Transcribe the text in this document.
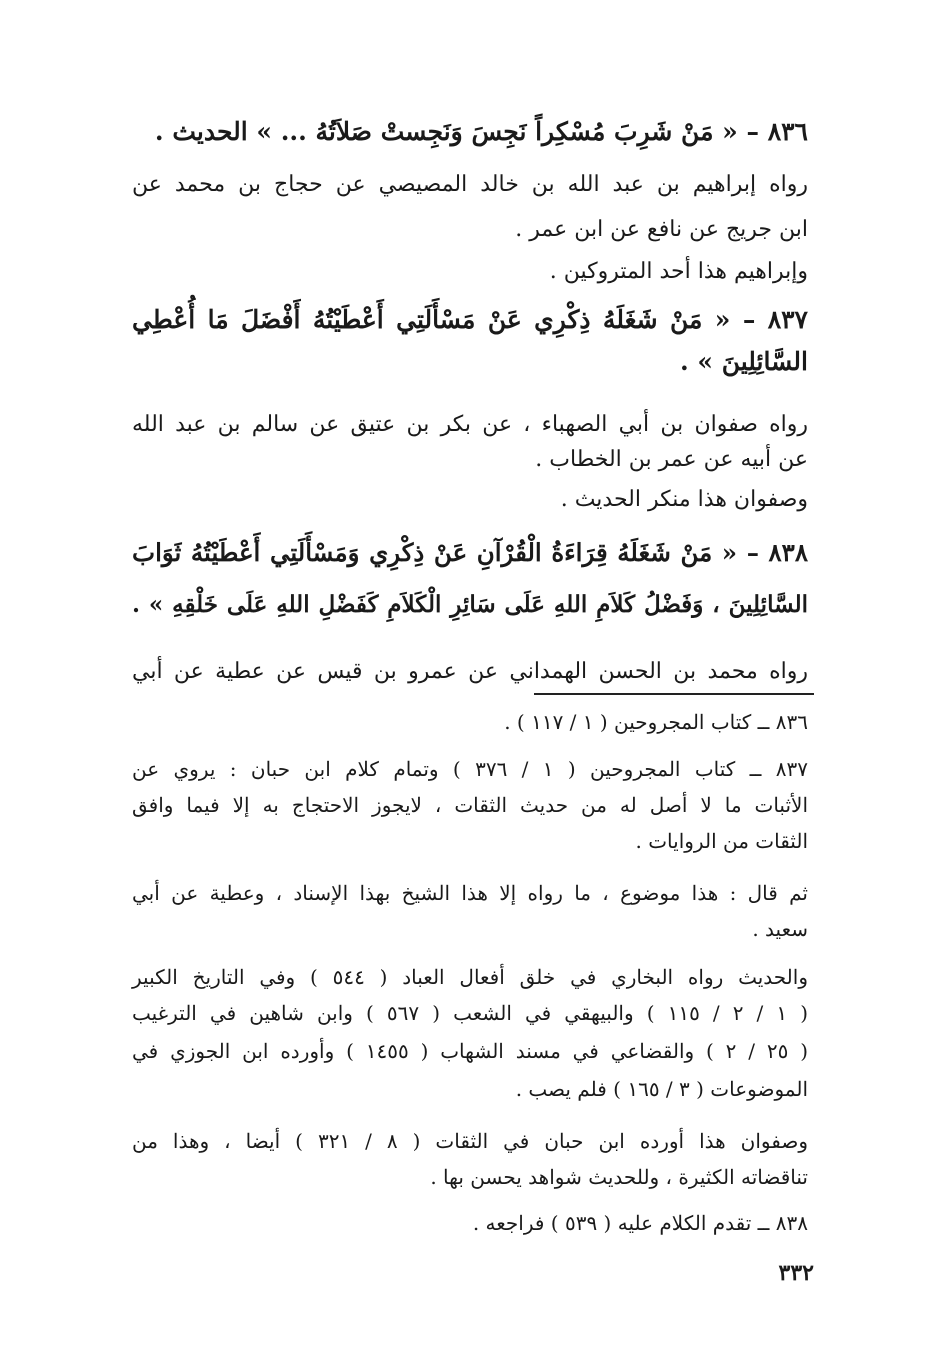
٨٣٦ – « مَنْ شَرِبَ مُسْكِراً نَجِسَ وَنَجِستْ صَلاَتُهُ ... » الحديث .
رواه إبراهيم بن عبد الله بن خالد المصيصي عن حجاج بن محمد عن
ابن جريج عن نافع عن ابن عمر .
وإبراهيم هذا أحد المتروكين .
٨٣٧ – « مَنْ شَغَلَهُ ذِكْرِي عَنْ مَسْأَلَتِي أَعْطَيْتُهُ أَفْضَلَ مَا أُعْطِي
السَّائِلِينَ » .
رواه صفوان بن أبي الصهباء ، عن بكر بن عتيق عن سالم بن عبد الله
عن أبيه عن عمر بن الخطاب .
وصفوان هذا منكر الحديث .
٨٣٨ – « مَنْ شَغَلَهُ قِرَاءَةُ الْقُرْآنِ عَنْ ذِكْرِي وَمَسْأَلَتِي أَعْطَيْتُهُ ثَوَابَ
السَّائِلِينَ ، وَفَضْلُ كَلاَمِ اللهِ عَلَى سَائِرِ الْكَلاَمِ كَفَضْلِ اللهِ عَلَى خَلْقِهِ » .
رواه محمد بن الحسن الهمداني عن عمرو بن قيس عن عطية عن أبي
٨٣٦ ــ كتاب المجروحين ( ١ / ١١٧ ) .
٨٣٧ ــ كتاب المجروحين ( ١ / ٣٧٦ ) وتمام كلام ابن حبان : يروي عن
الأثبات ما لا أصل له من حديث الثقات ، لايجوز الاحتجاج به إلا فيما وافق
الثقات من الروايات .
ثم قال : هذا موضوع ، ما رواه إلا هذا الشيخ بهذا الإسناد ، وعطية عن أبي
سعيد .
والحديث رواه البخاري في خلق أفعال العباد ( ٥٤٤ ) وفي التاريخ الكبير
( ١ / ٢ / ١١٥ ) والبيهقي في الشعب ( ٥٦٧ ) وابن شاهين في الترغيب
( ٢٥ / ٢ ) والقضاعي في مسند الشهاب ( ١٤٥٥ ) وأورده ابن الجوزي في
الموضوعات ( ٣ / ١٦٥ ) فلم يصب .
وصفوان هذا أورده ابن حبان في الثقات ( ٨ / ٣٢١ ) أيضا ، وهذا من
تناقضاته الكثيرة ، وللحديث شواهد يحسن بها .
٨٣٨ ــ تقدم الكلام عليه ( ٥٣٩ ) فراجعه .
٣٣٢
